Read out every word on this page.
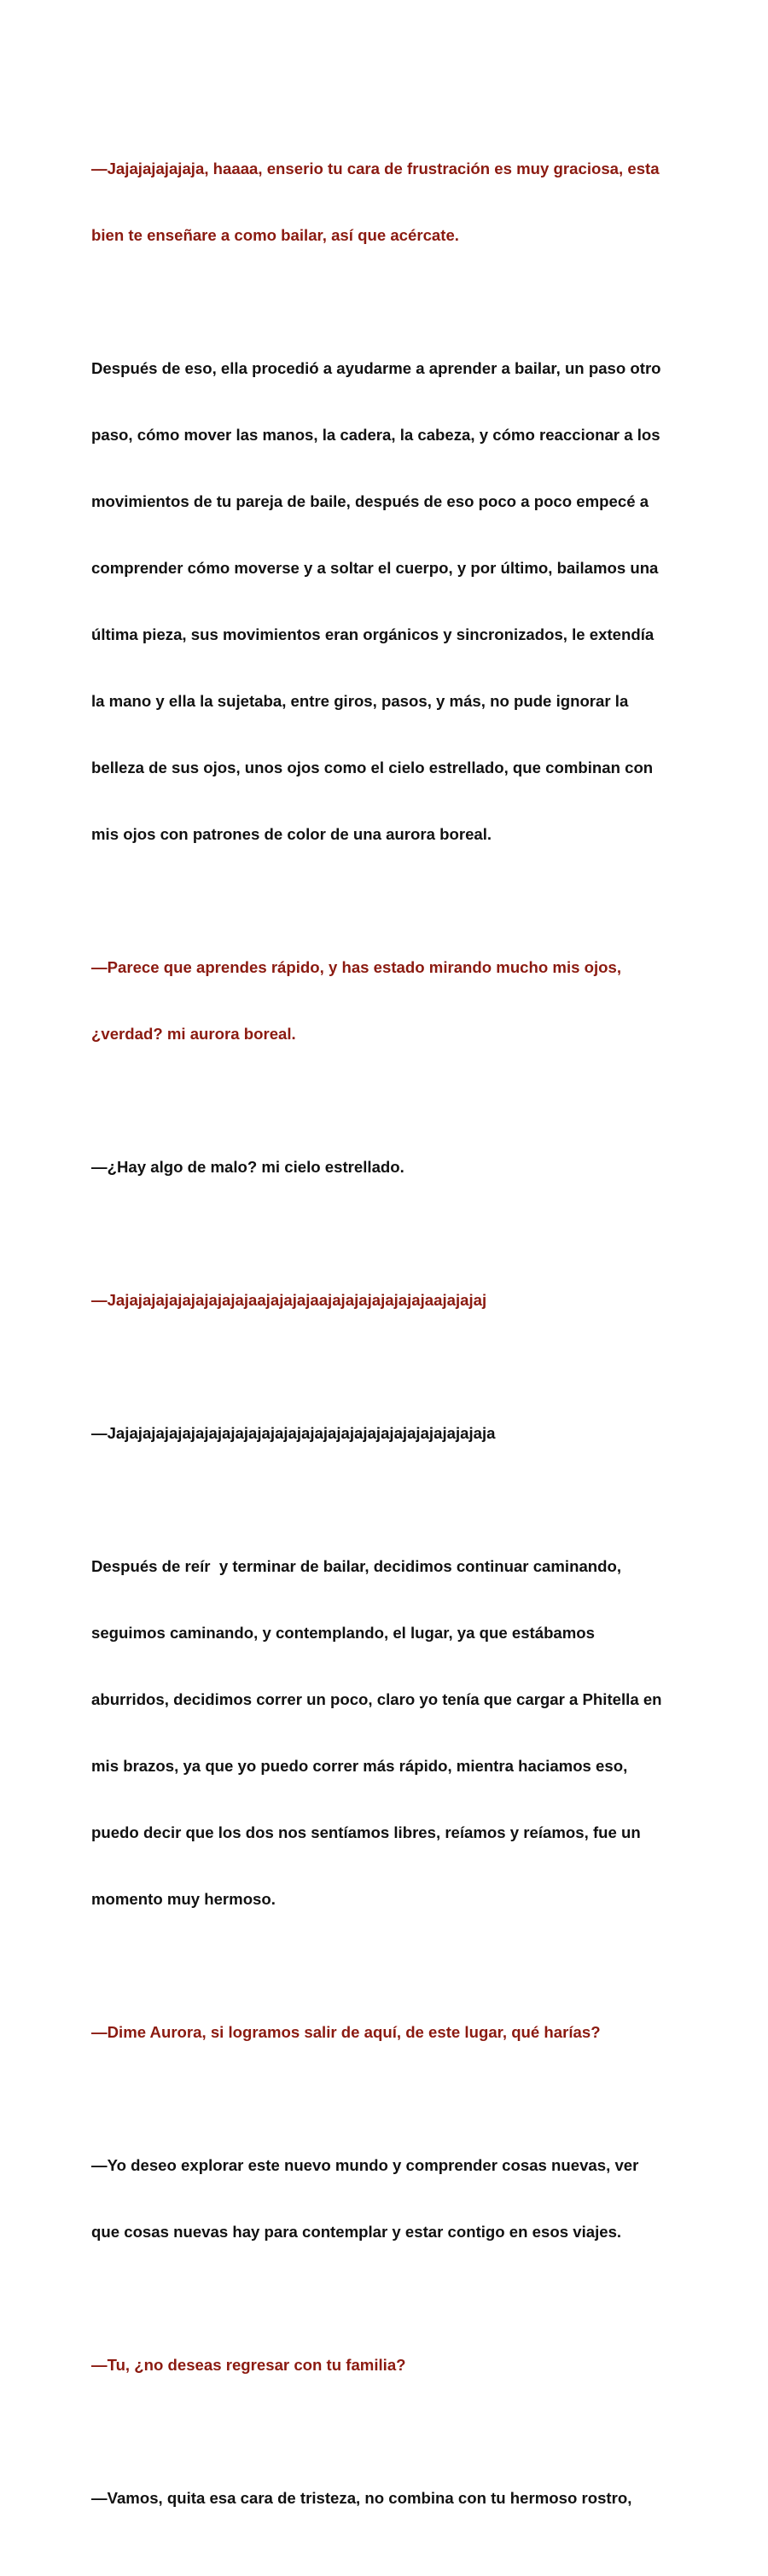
—Jajajajajajaja, haaaa, enserio tu cara de frustración es muy graciosa, esta

bien te enseñare a como bailar, así que acércate.

Después de eso, ella procedió a ayudarme a aprender a bailar, un paso otro

paso, cómo mover las manos, la cadera, la cabeza, y cómo reaccionar a los

movimientos de tu pareja de baile, después de eso poco a poco empecé a

comprender cómo moverse y a soltar el cuerpo, y por último, bailamos una

última pieza, sus movimientos eran orgánicos y sincronizados, le extendía

la mano y ella la sujetaba, entre giros, pasos, y más, no pude ignorar la

belleza de sus ojos, unos ojos como el cielo estrellado, que combinan con

mis ojos con patrones de color de una aurora boreal.

—Parece que aprendes rápido, y has estado mirando mucho mis ojos,

¿verdad? mi aurora boreal.

—¿Hay algo de malo? mi cielo estrellado.

—Jajajajajajajajajajajaajajajajaajajajajajajajajaajajajaj

—Jajajajajajajajajajajajajajajajajajajajajajajajajajajajaja

Después de reír  y terminar de bailar, decidimos continuar caminando,

seguimos caminando, y contemplando, el lugar, ya que estábamos

aburridos, decidimos correr un poco, claro yo tenía que cargar a Phitella en

mis brazos, ya que yo puedo correr más rápido, mientra haciamos eso,

puedo decir que los dos nos sentíamos libres, reíamos y reíamos, fue un

momento muy hermoso.

—Dime Aurora, si logramos salir de aquí, de este lugar, qué harías?

—Yo deseo explorar este nuevo mundo y comprender cosas nuevas, ver

que cosas nuevas hay para contemplar y estar contigo en esos viajes.

—Tu, ¿no deseas regresar con tu familia?

—Vamos, quita esa cara de tristeza, no combina con tu hermoso rostro,
